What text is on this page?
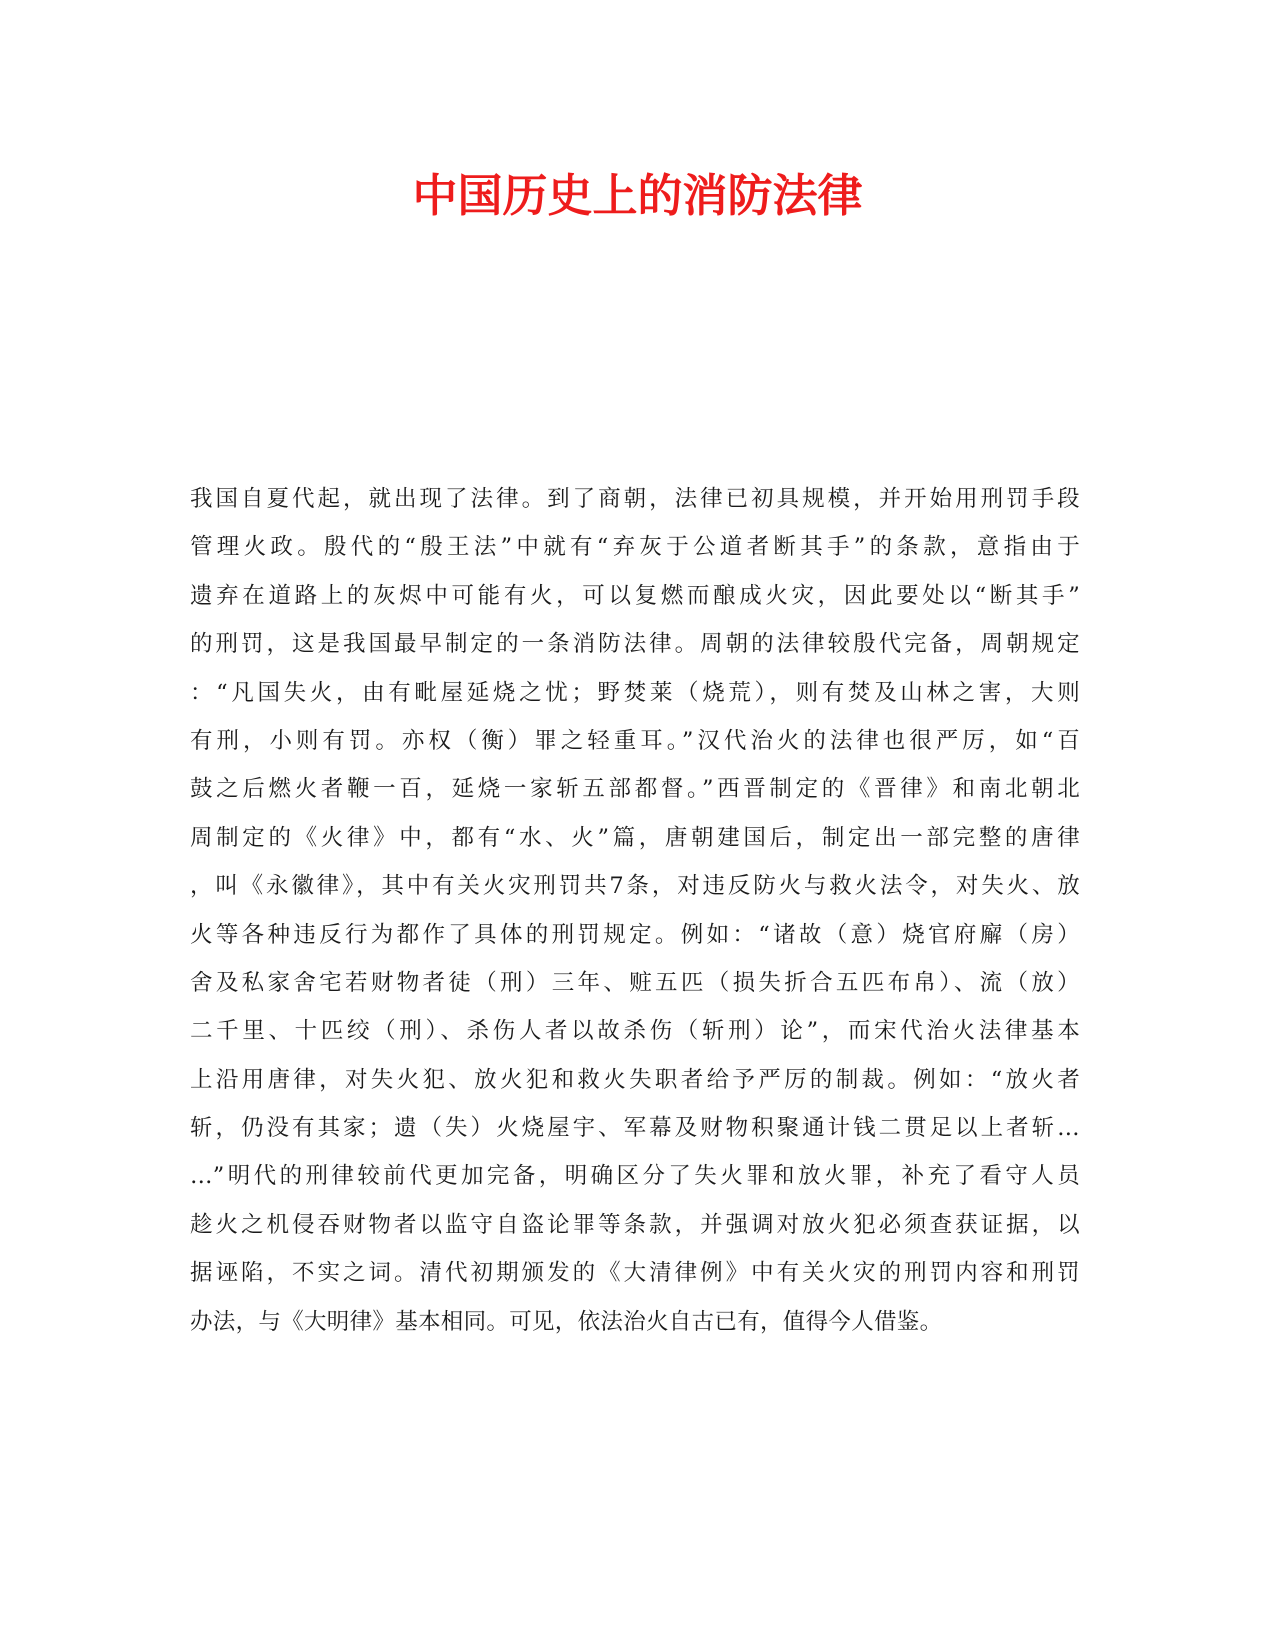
中国历史上的消防法律
我国自夏代起，就出现了法律。到了商朝，法律已初具规模，并开始用刑罚手段
管理火政。殷代的“殷王法”中就有“弃灰于公道者断其手”的条款，意指由于
遗弃在道路上的灰烬中可能有火，可以复燃而酿成火灾，因此要处以“断其手”
的刑罚，这是我国最早制定的一条消防法律。周朝的法律较殷代完备，周朝规定
：“凡国失火，由有毗屋延烧之忧；野焚莱（烧荒），则有焚及山林之害，大则
有刑，小则有罚。亦权（衡）罪之轻重耳。”汉代治火的法律也很严厉，如“百
鼓之后燃火者鞭一百，延烧一家斩五部都督。”西晋制定的《晋律》和南北朝北
周制定的《火律》中，都有“水、火”篇，唐朝建国后，制定出一部完整的唐律
，叫《永徽律》，其中有关火灾刑罚共7条，对违反防火与救火法令，对失火、放
火等各种违反行为都作了具体的刑罚规定。例如：“诸故（意）烧官府廨（房）
舍及私家舍宅若财物者徒（刑）三年、赃五匹（损失折合五匹布帛）、流（放）
二千里、十匹绞（刑）、杀伤人者以故杀伤（斩刑）论”，而宋代治火法律基本
上沿用唐律，对失火犯、放火犯和救火失职者给予严厉的制裁。例如：“放火者
斩，仍没有其家；遗（失）火烧屋宇、军幕及财物积聚通计钱二贯足以上者斩…
…”明代的刑律较前代更加完备，明确区分了失火罪和放火罪，补充了看守人员
趁火之机侵吞财物者以监守自盗论罪等条款，并强调对放火犯必须查获证据，以
据诬陷，不实之词。清代初期颁发的《大清律例》中有关火灾的刑罚内容和刑罚
办法，与《大明律》基本相同。可见，依法治火自古已有，值得今人借鉴。
